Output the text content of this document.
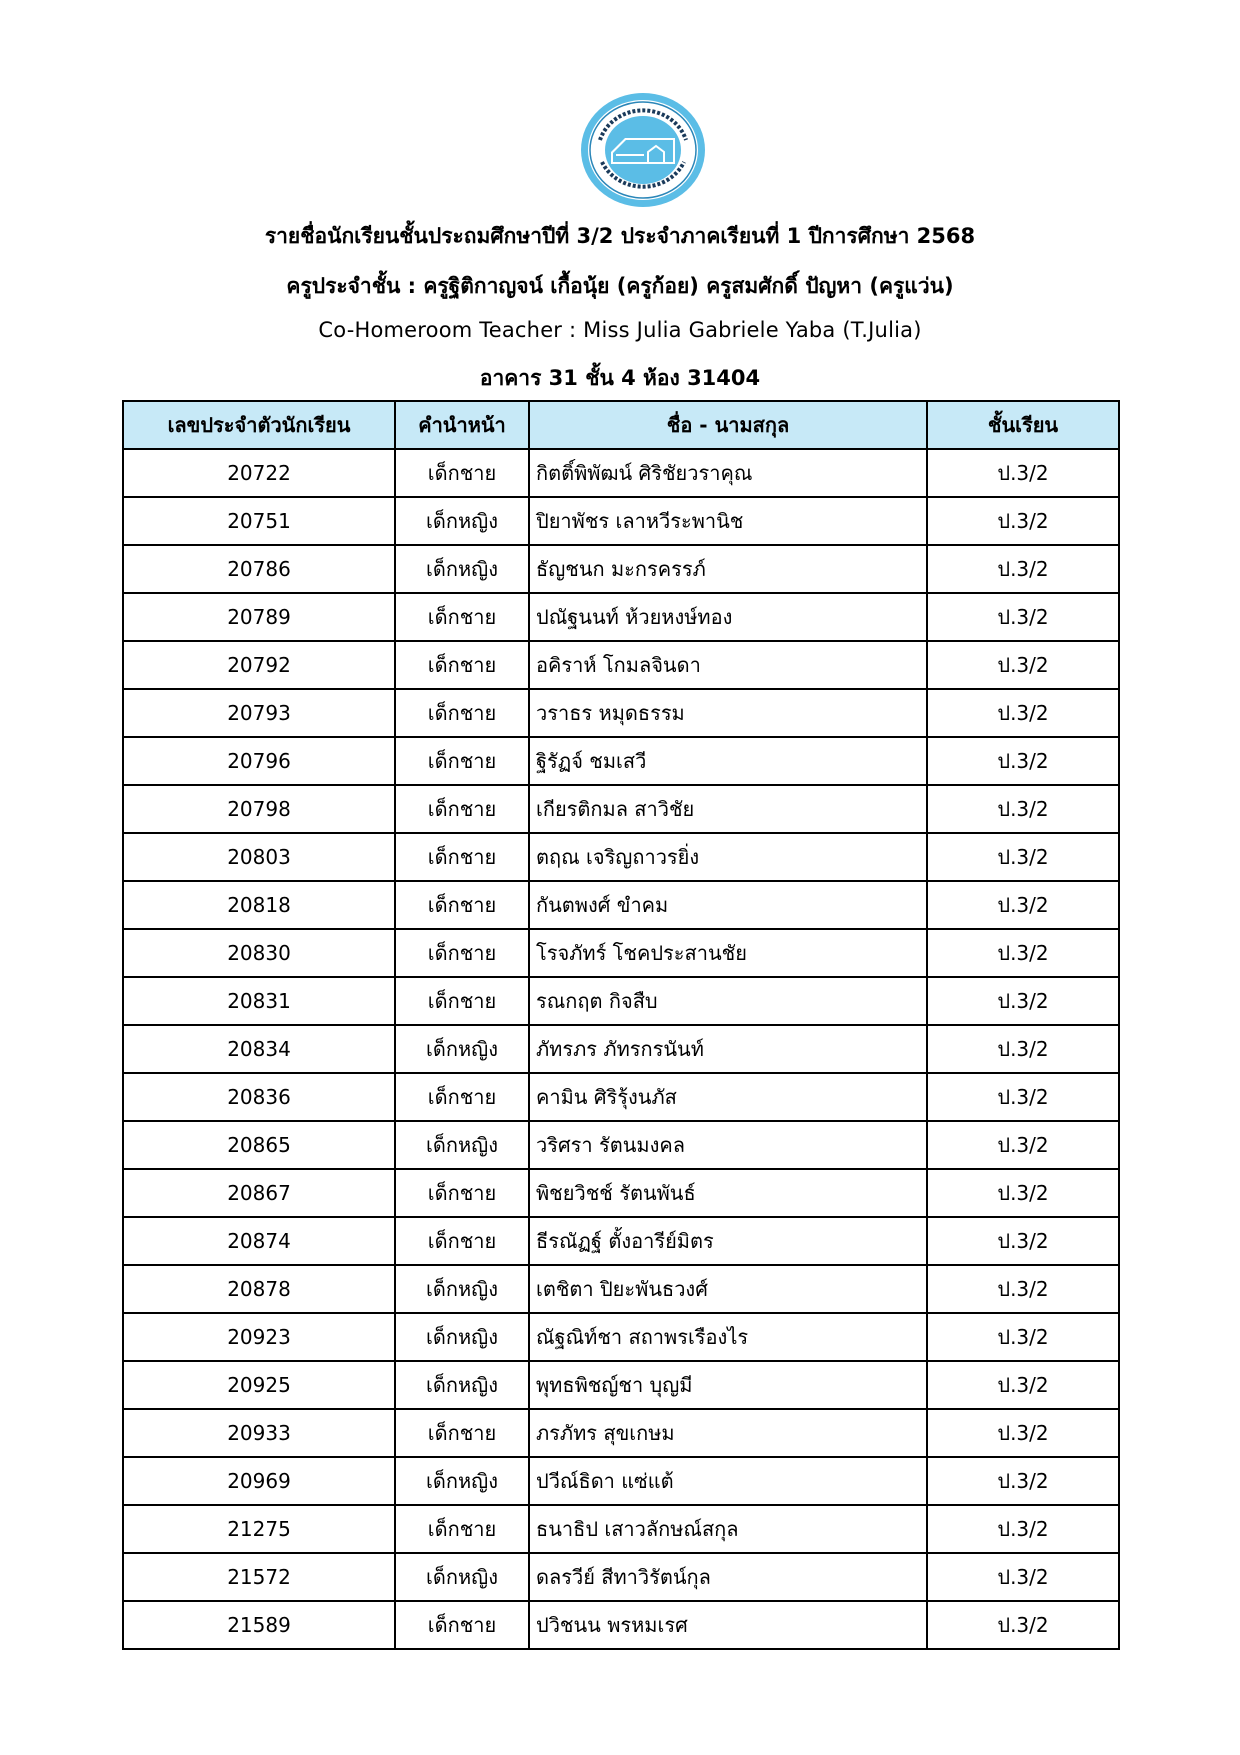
รายชื่อนักเรียนชั้นประถมศึกษาปีที่ 3/2 ประจำภาคเรียนที่ 1 ปีการศึกษา 2568
ครูประจำชั้น : ครูฐิติกาญจน์ เกื้อนุ้ย (ครูก้อย) ครูสมศักดิ์ ปัญหา (ครูแว่น)
Co-Homeroom Teacher : Miss Julia Gabriele Yaba (T.Julia)
อาคาร 31 ชั้น 4 ห้อง 31404
เลขประจำตัวนักเรียน	คำนำหน้า	ชื่อ - นามสกุล	ชั้นเรียน
20722	เด็กชาย	กิตติ์พิพัฒน์ ศิริชัยวราคุณ	ป.3/2
20751	เด็กหญิง	ปิยาพัชร เลาหวีระพานิช	ป.3/2
20786	เด็กหญิง	ธัญชนก มะกรครรภ์	ป.3/2
20789	เด็กชาย	ปณัฐนนท์ ห้วยหงษ์ทอง	ป.3/2
20792	เด็กชาย	อคิราห์ โกมลจินดา	ป.3/2
20793	เด็กชาย	วราธร หมุดธรรม	ป.3/2
20796	เด็กชาย	ฐิรัฏจ์ ชมเสวี	ป.3/2
20798	เด็กชาย	เกียรติกมล สาวิชัย	ป.3/2
20803	เด็กชาย	ตฤณ เจริญถาวรยิ่ง	ป.3/2
20818	เด็กชาย	กันตพงศ์ ขำคม	ป.3/2
20830	เด็กชาย	โรจภัทร์ โชคประสานชัย	ป.3/2
20831	เด็กชาย	รณกฤต กิจสืบ	ป.3/2
20834	เด็กหญิง	ภัทรภร ภัทรกรนันท์	ป.3/2
20836	เด็กชาย	คามิน ศิริรุ้งนภัส	ป.3/2
20865	เด็กหญิง	วริศรา รัตนมงคล	ป.3/2
20867	เด็กชาย	พิชยวิชช์ รัตนพันธ์	ป.3/2
20874	เด็กชาย	ธีรณัฏฐ์ ตั้งอารีย์มิตร	ป.3/2
20878	เด็กหญิง	เตชิตา ปิยะพันธวงศ์	ป.3/2
20923	เด็กหญิง	ณัฐณิท์ชา สถาพรเรืองไร	ป.3/2
20925	เด็กหญิง	พุทธพิชญ์ชา บุญมี	ป.3/2
20933	เด็กชาย	ภรภัทร สุขเกษม	ป.3/2
20969	เด็กหญิง	ปวีณ์ธิดา แซ่แต้	ป.3/2
21275	เด็กชาย	ธนาธิป เสาวลักษณ์สกุล	ป.3/2
21572	เด็กหญิง	ดลรวีย์ สีทาวิรัตน์กุล	ป.3/2
21589	เด็กชาย	ปวิชนน พรหมเรศ	ป.3/2
